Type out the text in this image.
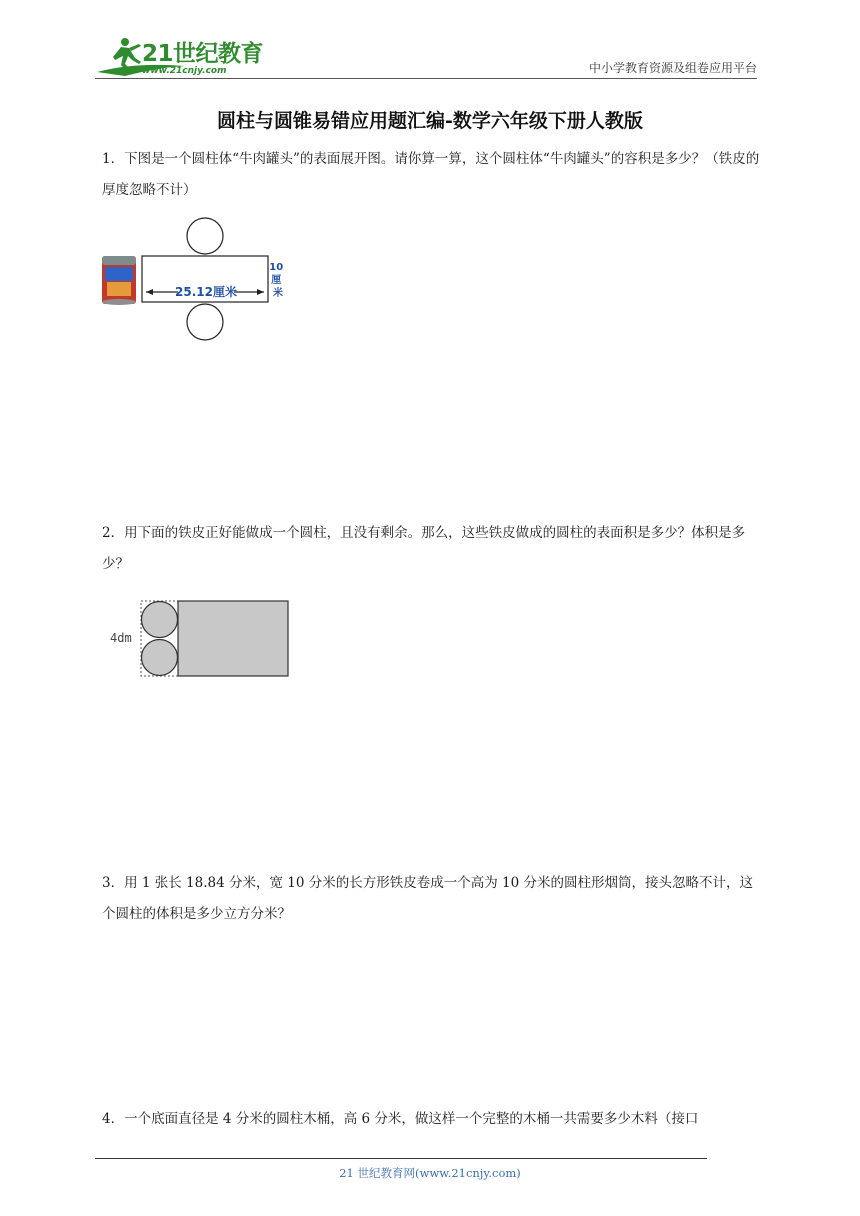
21世纪教育
www.21cnjy.com	中小学教育资源及组卷应用平台
圆柱与圆锥易错应用题汇编-数学六年级下册人教版

1．下图是一个圆柱体“牛肉罐头”的表面展开图。请你算一算，这个圆柱体“牛肉罐头”的容积是多少？（铁皮的厚度忽略不计）

25.12厘米
10 厘 米

2．用下面的铁皮正好能做成一个圆柱，且没有剩余。那么，这些铁皮做成的圆柱的表面积是多少？体积是多少？

4dm

3．用 1 张长 18.84 分米，宽 10 分米的长方形铁皮卷成一个高为 10 分米的圆柱形烟筒，接头忽略不计，这个圆柱的体积是多少立方分米？

4．一个底面直径是 4 分米的圆柱木桶，高 6 分米，做这样一个完整的木桶一共需要多少木料（接口

21 世纪教育网(www.21cnjy.com)
